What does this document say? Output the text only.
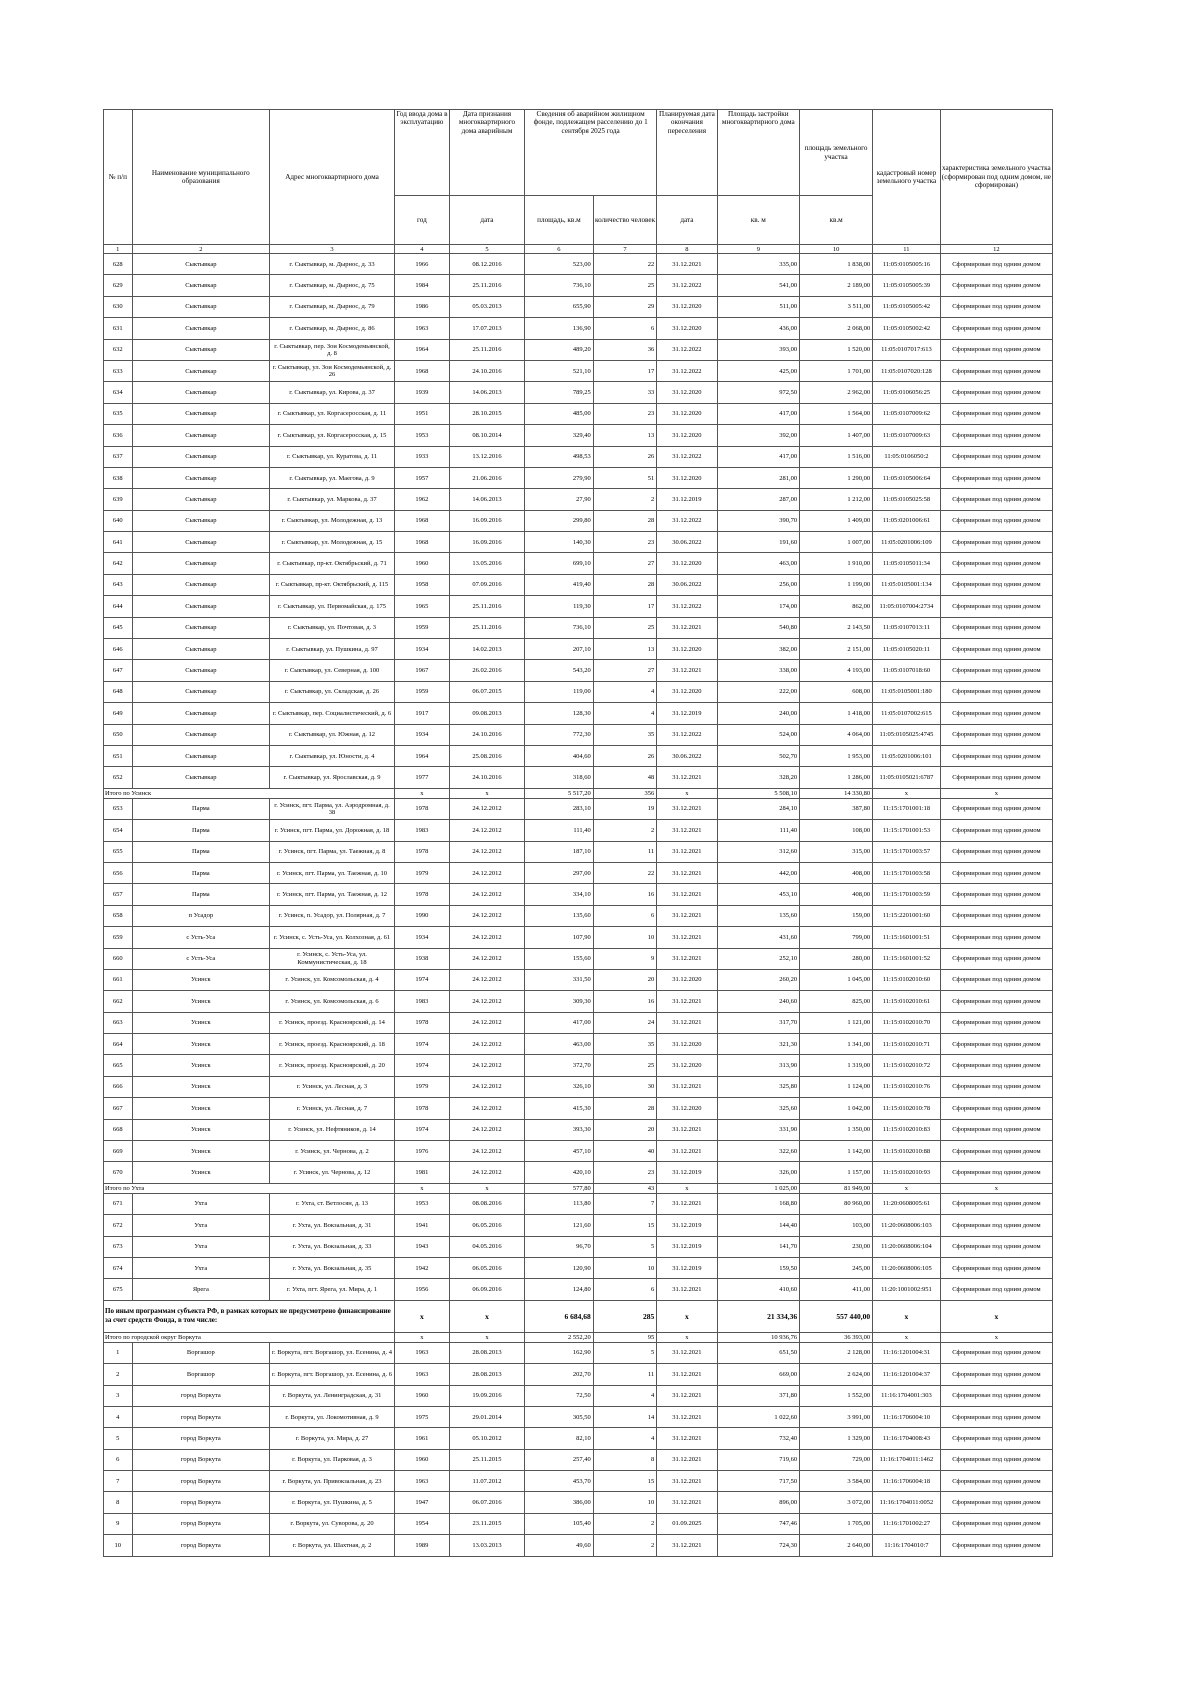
№ п/п	Наименование муниципального образования	Адрес многоквартирного дома	Год ввода дома в эксплуатацию	Дата признания многоквартирного дома аварийным	Сведения об аварийном жилищном фонде, подлежащем расселению до 1 сентября 2025 года		Планируемая дата окончания переселения	Площадь застройки многоквартирного дома	площадь земельного участка	кадастровый номер земельного участка	характеристика земельного участка (сформирован под одним домом, не сформирован)
			год	дата	площадь, кв.м	количество человек	дата	кв. м	кв.м		
1	2	3	4	5	6	7	8	9	10	11	12
628	Сыктывкар	г. Сыктывкар, м. Дырнос, д. 33	1966	08.12.2016	523,00	22	31.12.2021	335,00	1 838,00	11:05:0105005:16	Сформирован под одним домом
629	Сыктывкар	г. Сыктывкар, м. Дырнос, д. 75	1984	25.11.2016	736,10	25	31.12.2022	541,00	2 189,00	11:05:0105005:39	Сформирован под одним домом
630	Сыктывкар	г. Сыктывкар, м. Дырнос, д. 79	1986	05.03.2013	655,90	29	31.12.2020	511,00	3 511,00	11:05:0105005:42	Сформирован под одним домом
631	Сыктывкар	г. Сыктывкар, м. Дырнос, д. 86	1963	17.07.2013	136,90	6	31.12.2020	436,00	2 068,00	11:05:0105002:42	Сформирован под одним домом
632	Сыктывкар	г. Сыктывкар, пер. Зои Космодемьянской, д. 8	1964	25.11.2016	489,20	36	31.12.2022	393,00	1 520,00	11:05:0107017:613	Сформирован под одним домом
633	Сыктывкар	г. Сыктывкар, ул. Зои Космодемьянской, д. 26	1968	24.10.2016	521,10	17	31.12.2022	425,00	1 701,00	11:05:0107020:128	Сформирован под одним домом
634	Сыктывкар	г. Сыктывкар, ул. Кирова, д. 37	1939	14.06.2013	789,25	33	31.12.2020	972,50	2 962,00	11:05:0106056:25	Сформирован под одним домом
635	Сыктывкар	г. Сыктывкар, ул. Коргасеросская, д. 11	1951	28.10.2015	485,00	23	31.12.2020	417,00	1 564,00	11:05:0107009:62	Сформирован под одним домом
636	Сыктывкар	г. Сыктывкар, ул. Коргасеросская, д. 15	1953	08.10.2014	329,40	13	31.12.2020	392,00	1 407,00	11:05:0107009:63	Сформирован под одним домом
637	Сыктывкар	г. Сыктывкар, ул. Куратова, д. 11	1933	13.12.2016	498,53	26	31.12.2022	417,00	1 516,00	11:05:0106050:2	Сформирован под одним домом
638	Сыктывкар	г. Сыктывкар, ул. Маегова, д. 9	1957	21.06.2016	279,90	51	31.12.2020	281,00	1 290,00	11:05:0105006:64	Сформирован под одним домом
639	Сыктывкар	г. Сыктывкар, ул. Маркова, д. 37	1962	14.06.2013	27,90	2	31.12.2019	287,00	1 212,00	11:05:0105025:58	Сформирован под одним домом
640	Сыктывкар	г. Сыктывкар, ул. Молодежная, д. 13	1968	16.09.2016	299,80	28	31.12.2022	390,70	1 409,00	11:05:0201006:61	Сформирован под одним домом
641	Сыктывкар	г. Сыктывкар, ул. Молодежная, д. 15	1968	16.09.2016	140,30	23	30.06.2022	191,60	1 007,00	11:05:0201006:109	Сформирован под одним домом
642	Сыктывкар	г. Сыктывкар, пр-кт. Октябрьский, д. 71	1960	13.05.2016	699,10	27	31.12.2020	463,00	1 910,00	11:05:0105011:34	Сформирован под одним домом
643	Сыктывкар	г. Сыктывкар, пр-кт. Октябрьский, д. 115	1958	07.09.2016	419,40	28	30.06.2022	256,00	1 199,00	11:05:0105001:134	Сформирован под одним домом
644	Сыктывкар	г. Сыктывкар, ул. Первомайская, д. 175	1965	25.11.2016	119,30	17	31.12.2022	174,00	862,00	11:05:0107004:2734	Сформирован под одним домом
645	Сыктывкар	г. Сыктывкар, ул. Почтовая, д. 3	1959	25.11.2016	736,10	25	31.12.2021	540,80	2 143,50	11:05:0107013:11	Сформирован под одним домом
646	Сыктывкар	г. Сыктывкар, ул. Пушкина, д. 97	1934	14.02.2013	207,10	13	31.12.2020	382,00	2 151,00	11:05:0105020:11	Сформирован под одним домом
647	Сыктывкар	г. Сыктывкар, ул. Северная, д. 100	1967	26.02.2016	543,20	27	31.12.2021	338,00	4 193,00	11:05:0107018:60	Сформирован под одним домом
648	Сыктывкар	г. Сыктывкар, ул. Складская, д. 26	1959	06.07.2015	119,00	4	31.12.2020	222,00	608,00	11:05:0105001:180	Сформирован под одним домом
649	Сыктывкар	г. Сыктывкар, пер. Социалистический, д. 6	1917	09.08.2013	128,30	4	31.12.2019	240,00	1 418,00	11:05:0107002:615	Сформирован под одним домом
650	Сыктывкар	г. Сыктывкар, ул. Южная, д. 12	1934	24.10.2016	772,30	35	31.12.2022	524,00	4 064,00	11:05:0105025:4745	Сформирован под одним домом
651	Сыктывкар	г. Сыктывкар, ул. Юности, д. 4	1964	25.08.2016	404,60	26	30.06.2022	502,70	1 953,00	11:05:0201006:101	Сформирован под одним домом
652	Сыктывкар	г. Сыктывкар, ул. Ярославская, д. 9	1977	24.10.2016	318,60	48	31.12.2021	328,20	1 286,00	11:05:0105021:6787	Сформирован под одним домом
Итого по Усинск			х	х	5 517,20	356	х	5 508,10	14 330,80	х	х
653	Парма	г. Усинск, пгт. Парма, ул. Аэродромная, д. 38	1978	24.12.2012	283,10	19	31.12.2021	284,10	387,80	11:15:1701001:18	Сформирован под одним домом
654	Парма	г. Усинск, пгт. Парма, ул. Дорожная, д. 18	1983	24.12.2012	111,40	2	31.12.2021	111,40	108,00	11:15:1701001:53	Сформирован под одним домом
655	Парма	г. Усинск, пгт. Парма, ул. Таежная, д. 8	1978	24.12.2012	187,10	11	31.12.2021	312,60	315,00	11:15:1701003:57	Сформирован под одним домом
656	Парма	г. Усинск, пгт. Парма, ул. Таежная, д. 10	1979	24.12.2012	297,00	22	31.12.2021	442,00	408,00	11:15:1701003:58	Сформирован под одним домом
657	Парма	г. Усинск, пгт. Парма, ул. Таежная, д. 12	1978	24.12.2012	334,10	16	31.12.2021	453,10	408,00	11:15:1701003:59	Сформирован под одним домом
658	п Усадор	г. Усинск, п. Усадор, ул. Полярная, д. 7	1990	24.12.2012	135,60	6	31.12.2021	135,60	159,00	11:15:2201001:60	Сформирован под одним домом
659	с Усть-Уса	г. Усинск, с. Усть-Уса, ул. Колхозная, д. 61	1934	24.12.2012	107,90	10	31.12.2021	431,60	799,00	11:15:1601001:51	Сформирован под одним домом
660	с Усть-Уса	г. Усинск, с. Усть-Уса, ул. Коммунистическая, д. 18	1938	24.12.2012	155,60	9	31.12.2021	252,10	280,00	11:15:1601001:52	Сформирован под одним домом
661	Усинск	г. Усинск, ул. Комсомольская, д. 4	1974	24.12.2012	331,50	20	31.12.2020	260,20	1 045,00	11:15:0102010:60	Сформирован под одним домом
662	Усинск	г. Усинск, ул. Комсомольская, д. 6	1983	24.12.2012	309,30	16	31.12.2021	240,60	825,00	11:15:0102010:61	Сформирован под одним домом
663	Усинск	г. Усинск, проезд. Красноярский, д. 14	1978	24.12.2012	417,00	24	31.12.2021	317,70	1 121,00	11:15:0102010:70	Сформирован под одним домом
664	Усинск	г. Усинск, проезд. Красноярский, д. 18	1974	24.12.2012	463,00	35	31.12.2020	321,30	1 341,00	11:15:0102010:71	Сформирован под одним домом
665	Усинск	г. Усинск, проезд. Красноярский, д. 20	1974	24.12.2012	372,70	25	31.12.2020	313,90	1 319,00	11:15:0102010:72	Сформирован под одним домом
666	Усинск	г. Усинск, ул. Лесная, д. 3	1979	24.12.2012	326,10	30	31.12.2021	325,80	1 124,00	11:15:0102010:76	Сформирован под одним домом
667	Усинск	г. Усинск, ул. Лесная, д. 7	1978	24.12.2012	415,30	28	31.12.2020	325,60	1 042,00	11:15:0102010:78	Сформирован под одним домом
668	Усинск	г. Усинск, ул. Нефтяников, д. 14	1974	24.12.2012	393,30	20	31.12.2021	331,90	1 350,00	11:15:0102010:83	Сформирован под одним домом
669	Усинск	г. Усинск, ул. Чернова, д. 2	1976	24.12.2012	457,10	40	31.12.2021	322,60	1 142,00	11:15:0102010:88	Сформирован под одним домом
670	Усинск	г. Усинск, ул. Чернова, д. 12	1981	24.12.2012	420,10	23	31.12.2019	326,00	1 157,00	11:15:0102010:93	Сформирован под одним домом
Итого по Ухта			х	х	577,80	43	х	1 025,00	81 949,00	х	х
671	Ухта	г. Ухта, ст. Ветлосян, д. 13	1953	08.08.2016	113,80	7	31.12.2021	168,80	80 960,00	11:20:0608005:61	Сформирован под одним домом
672	Ухта	г. Ухта, ул. Вокзальная, д. 31	1941	06.05.2016	121,60	15	31.12.2019	144,40	103,00	11:20:0608006:103	Сформирован под одним домом
673	Ухта	г. Ухта, ул. Вокзальная, д. 33	1943	04.05.2016	96,70	5	31.12.2019	141,70	230,00	11:20:0608006:104	Сформирован под одним домом
674	Ухта	г. Ухта, ул. Вокзальная, д. 35	1942	06.05.2016	120,90	10	31.12.2019	159,50	245,00	11:20:0608006:105	Сформирован под одним домом
675	Ярега	г. Ухта, пгт. Ярега, ул. Мира, д. 1	1956	06.09.2016	124,80	6	31.12.2021	410,60	411,00	11:20:1001002:951	Сформирован под одним домом
По иным программам субъекта РФ, в рамках которых не предусмотрено финансирование за счет средств Фонда, в том числе:			х	х	6 684,68	285	х	21 334,36	557 440,00	х	х
Итого по городской округ Воркута			х	х	2 552,20	95	х	10 936,76	36 393,00	х	х
1	Воргашор	г. Воркута, пгт. Воргашор, ул. Есенина, д. 4	1963	28.08.2013	162,90	5	31.12.2021	651,50	2 128,00	11:16:1201004:31	Сформирован под одним домом
2	Воргашор	г. Воркута, пгт. Воргашор, ул. Есенина, д. 6	1963	28.08.2013	202,70	11	31.12.2021	669,00	2 624,00	11:16:1201004:37	Сформирован под одним домом
3	город Воркута	г. Воркута, ул. Ленинградская, д. 31	1960	19.09.2016	72,50	4	31.12.2021	371,80	1 552,00	11:16:1704001:303	Сформирован под одним домом
4	город Воркута	г. Воркута, ул. Локомотивная, д. 9	1975	29.01.2014	305,50	14	31.12.2021	1 022,60	3 991,00	11:16:1706004:10	Сформирован под одним домом
5	город Воркута	г. Воркута, ул. Мира, д. 27	1961	05.10.2012	82,10	4	31.12.2021	732,40	1 329,00	11:16:1704008:43	Сформирован под одним домом
6	город Воркута	г. Воркута, ул. Парковая, д. 3	1960	25.11.2015	257,40	8	31.12.2021	719,60	729,00	11:16:1704011:1462	Сформирован под одним домом
7	город Воркута	г. Воркута, ул. Привокзальная, д. 23	1963	11.07.2012	453,70	15	31.12.2021	717,50	3 584,00	11:16:1706004:18	Сформирован под одним домом
8	город Воркута	г. Воркута, ул. Пушкина, д. 5	1947	06.07.2016	386,00	10	31.12.2021	896,00	3 072,00	11:16:1704011:0052	Сформирован под одним домом
9	город Воркута	г. Воркута, ул. Суворова, д. 20	1954	23.11.2015	105,40	2	01.09.2025	747,46	1 705,00	11:16:1701002:27	Сформирован под одним домом
10	город Воркута	г. Воркута, ул. Шахтная, д. 2	1989	13.03.2013	49,60	2	31.12.2021	724,30	2 640,00	11:16:1704010:7	Сформирован под одним домом
